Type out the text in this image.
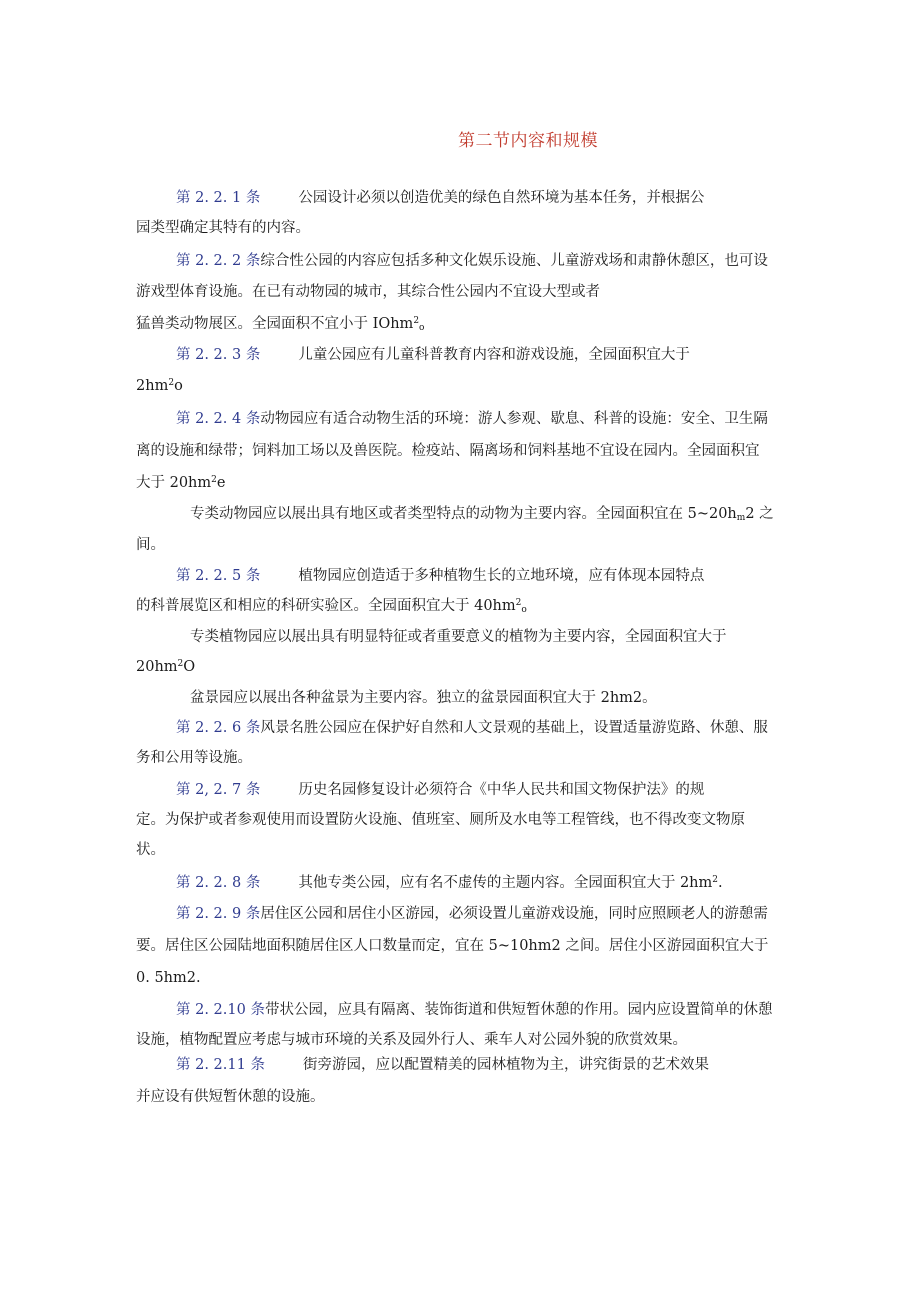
第二节内容和规模
第 2. 2. 1 条	公园设计必须以创造优美的绿色自然环境为基本任务，并根据公
园类型确定其特有的内容。
第 2. 2. 2 条综合性公园的内容应包括多种文化娱乐设施、儿童游戏场和肃静休憩区，也可设
游戏型体育设施。在已有动物园的城市，其综合性公园内不宜设大型或者
猛兽类动物展区。全园面积不宜小于 IOhm$^2_o$
第 2. 2. 3 条	儿童公园应有儿童科普教育内容和游戏设施，全园面积宜大于
$2hm^2o$
第 2. 2. 4 条动物园应有适合动物生活的环境：游人参观、歇息、科普的设施：安全、卫生隔
离的设施和绿带；饲料加工场以及兽医院。检疫站、隔离场和饲料基地不宜设在园内。全园面积宜
大于 $20hm^2e$
专类动物园应以展出具有地区或者类型特点的动物为主要内容。全园面积宜在 $5\sim 20h_m2$ 之
间。
第 2. 2. 5 条	植物园应创造适于多种植物生长的立地环境，应有体现本园特点
的科普展览区和相应的科研实验区。全园面积宜大于 $40hm^2_o$
专类植物园应以展出具有明显特征或者重要意义的植物为主要内容，全园面积宜大于
$20hm^2O$
盆景园应以展出各种盆景为主要内容。独立的盆景园面积宜大于 2hm2。
第 2. 2. 6 条风景名胜公园应在保护好自然和人文景观的基础上，设置适量游览路、休憩、服
务和公用等设施。
第 2, 2. 7 条	历史名园修复设计必须符合《中华人民共和国文物保护法》的规
定。为保护或者参观使用而设置防火设施、值班室、厕所及水电等工程管线，也不得改变文物原
状。
第 2. 2. 8 条	其他专类公园，应有名不虚传的主题内容。全园面积宜大于 $2hm^2$.
第 2. 2. 9 条居住区公园和居住小区游园，必须设置儿童游戏设施，同时应照顾老人的游憩需
要。居住区公园陆地面积随居住区人口数量而定，宜在 5~10hm2 之间。居住小区游园面积宜大于
0. 5hm2.
第 2. 2.10 条带状公园，应具有隔离、装饰街道和供短暂休憩的作用。园内应设置简单的休憩
设施，植物配置应考虑与城市环境的关系及园外行人、乘车人对公园外貌的欣赏效果。
第 2. 2.11 条	街旁游园，应以配置精美的园林植物为主，讲究街景的艺术效果
并应设有供短暂休憩的设施。
